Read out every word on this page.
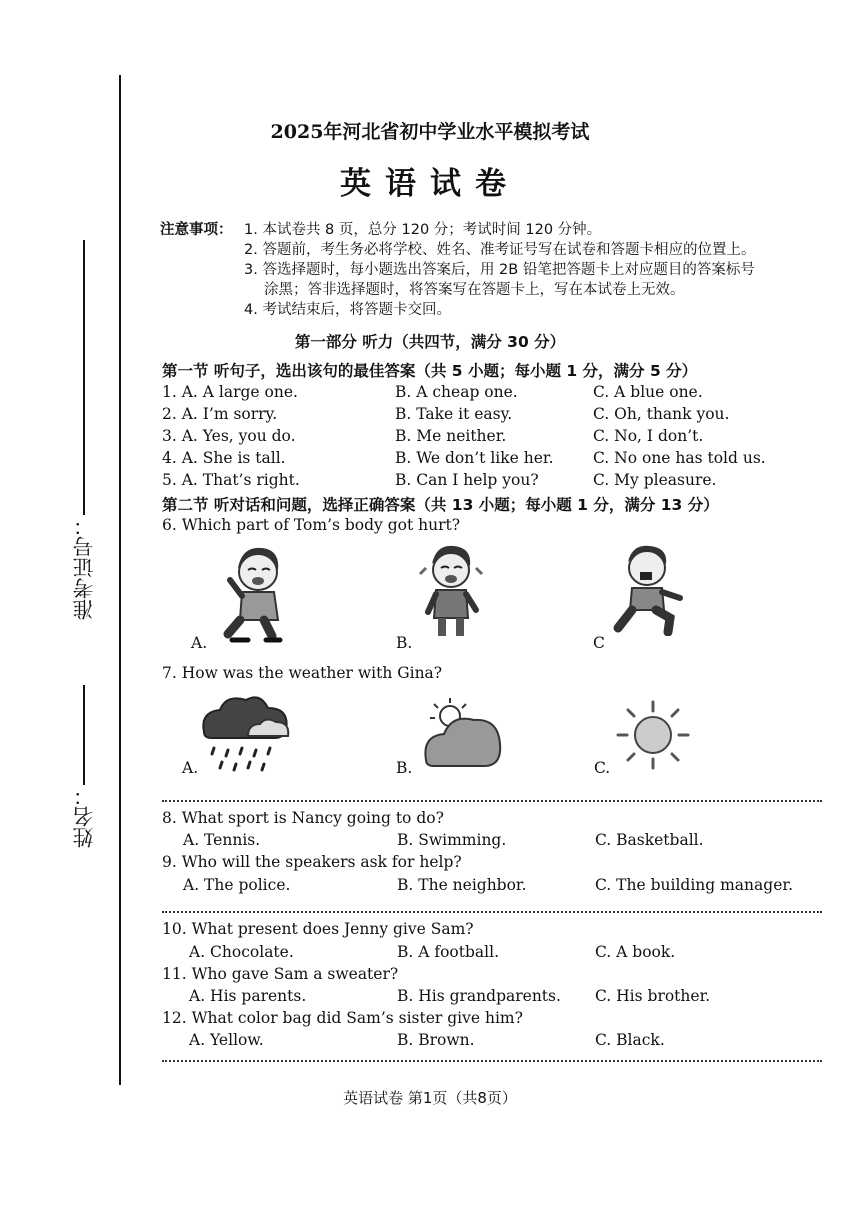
准考证号：
姓名：
2025年河北省初中学业水平模拟考试
英语试卷
注意事项： 1. 本试卷共 8 页，总分 120 分；考试时间 120 分钟。
2. 答题前，考生务必将学校、姓名、准考证号写在试卷和答题卡相应的位置上。
3. 答选择题时，每小题选出答案后，用 2B 铅笔把答题卡上对应题目的答案标号
涂黑；答非选择题时，将答案写在答题卡上，写在本试卷上无效。
4. 考试结束后，将答题卡交回。
第一部分 听力（共四节，满分 30 分）
第一节 听句子，选出该句的最佳答案（共 5 小题；每小题 1 分，满分 5 分）
1. A. A large one.	B. A cheap one.	C. A blue one.
2. A. I’m sorry.	B. Take it easy.	C. Oh, thank you.
3. A. Yes, you do.	B. Me neither.	C. No, I don’t.
4. A. She is tall.	B. We don’t like her.	C. No one has told us.
5. A. That’s right.	B. Can I help you?	C. My pleasure.
第二节 听对话和问题，选择正确答案（共 13 小题；每小题 1 分，满分 13 分）
6. Which part of Tom’s body got hurt?
A.	B.	C
7. How was the weather with Gina?
A.	B.	C.
8. What sport is Nancy going to do?
A. Tennis.	B. Swimming.	C. Basketball.
9. Who will the speakers ask for help?
A. The police.	B. The neighbor.	C. The building manager.
10. What present does Jenny give Sam?
A. Chocolate.	B. A football.	C. A book.
11. Who gave Sam a sweater?
A. His parents.	B. His grandparents. C. His brother.
12. What color bag did Sam’s sister give him?
A. Yellow.	B. Brown.	C. Black.
英语试卷 第1页（共8页）
